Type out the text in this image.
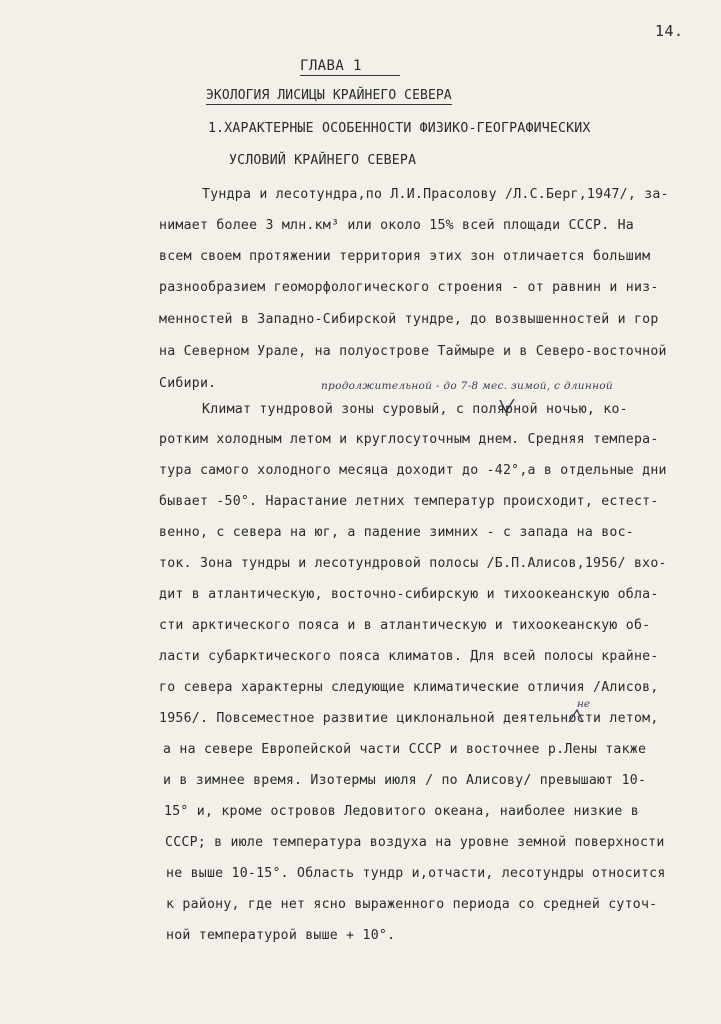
14.
ГЛАВА 1
ЭКОЛОГИЯ ЛИСИЦЫ КРАЙНЕГО СЕВЕРА
1.ХАРАКТЕРНЫЕ ОСОБЕННОСТИ ФИЗИКО-ГЕОГРАФИЧЕСКИХ
УСЛОВИЙ КРАЙНЕГО СЕВЕРА
Тундра и лесотундра,по Л.И.Прасолову /Л.С.Берг,1947/, за-
нимает более 3 млн.км³ или около 15% всей площади СССР. На
всем своем протяжении территория этих зон отличается большим
разнообразием геоморфологического строения - от равнин и низ-
менностей в Западно-Сибирской тундре, до возвышенностей и гор
на Северном Урале, на полуострове Таймыре и в Северо-восточной
Сибири.	продолжительной - до 7-8 мес. зимой, с длинной
Климат тундровой зоны суровый, с полярной ночью, ко-
ротким холодным летом и круглосуточным днем. Средняя темпера-
тура самого холодного месяца доходит до -42°,а в отдельные дни
бывает -50°. Нарастание летних температур происходит, естест-
венно, с севера на юг, а падение зимних - с запада на вос-
ток. Зона тундры и лесотундровой полосы /Б.П.Алисов,1956/ вхо-
дит в атлантическую, восточно-сибирскую и тихоокеанскую обла-
сти арктического пояса и в атлантическую и тихоокеанскую об-
ласти субарктического пояса климатов. Для всей полосы крайне-
го севера характерны следующие климатические отличия /Алисов,
1956/. Повсеместное развитие циклональной деятельности летом,
а на севере Европейской части СССР и восточнее р.Лены также
не
и в зимнее время. Изотермы июля / по Алисову/ превышают 10-
15° и, кроме островов Ледовитого океана, наиболее низкие в
СССР; в июле температура воздуха на уровне земной поверхности
не выше 10-15°. Область тундр и,отчасти, лесотундры относится
к району, где нет ясно выраженного периода со средней суточ-
ной температурой выше + 10°.
